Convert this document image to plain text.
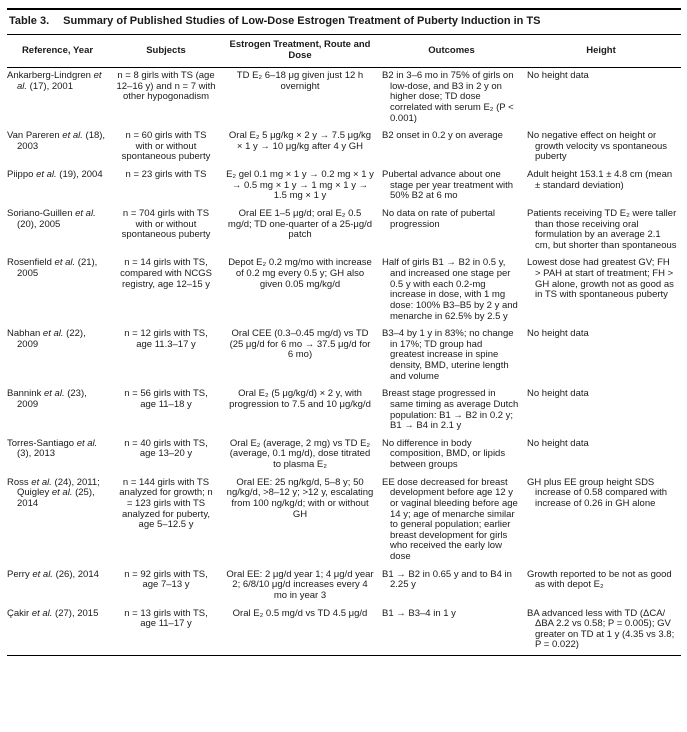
Table 3. Summary of Published Studies of Low-Dose Estrogen Treatment of Puberty Induction in TS
Reference, Year	Subjects	Estrogen Treatment, Route and Dose	Outcomes	Height
Ankarberg-Lindgren et al. (17), 2001	n = 8 girls with TS (age 12–16 y) and n = 7 with other hypogonadism	TD E₂ 6–18 μg given just 12 h overnight	B2 in 3–6 mo in 75% of girls on low-dose, and B3 in 2 y on higher dose; TD dose correlated with serum E₂ (P < 0.001)	No height data
Van Pareren et al. (18), 2003	n = 60 girls with TS with or without spontaneous puberty	Oral E₂ 5 μg/kg × 2 y → 7.5 μg/kg × 1 y → 10 μg/kg after 4 y GH	B2 onset in 0.2 y on average	No negative effect on height or growth velocity vs spontaneous puberty
Piippo et al. (19), 2004	n = 23 girls with TS	E₂ gel 0.1 mg × 1 y → 0.2 mg × 1 y → 0.5 mg × 1 y → 1 mg × 1 y → 1.5 mg × 1 y	Pubertal advance about one stage per year treatment with 50% B2 at 6 mo	Adult height 153.1 ± 4.8 cm (mean ± standard deviation)
Soriano-Guillen et al. (20), 2005	n = 704 girls with TS with or without spontaneous puberty	Oral EE 1–5 μg/d; oral E₂ 0.5 mg/d; TD one-quarter of a 25-μg/d patch	No data on rate of pubertal progression	Patients receiving TD E₂ were taller than those receiving oral formulation by an average 2.1 cm, but shorter than spontaneous
Rosenfield et al. (21), 2005	n = 14 girls with TS, compared with NCGS registry, age 12–15 y	Depot E₂ 0.2 mg/mo with increase of 0.2 mg every 0.5 y; GH also given 0.05 mg/kg/d	Half of girls B1 → B2 in 0.5 y, and increased one stage per 0.5 y with each 0.2-mg increase in dose, with 1 mg dose: 100% B3–B5 by 2 y and menarche in 62.5% by 2.5 y	Lowest dose had greatest GV; FH > PAH at start of treatment; FH > GH alone, growth not as good as in TS with spontaneous puberty
Nabhan et al. (22), 2009	n = 12 girls with TS, age 11.3–17 y	Oral CEE (0.3–0.45 mg/d) vs TD (25 μg/d for 6 mo → 37.5 μg/d for 6 mo)	B3–4 by 1 y in 83%; no change in 17%; TD group had greatest increase in spine density, BMD, uterine length and volume	No height data
Bannink et al. (23), 2009	n = 56 girls with TS, age 11–18 y	Oral E₂ (5 μg/kg/d) × 2 y, with progression to 7.5 and 10 μg/kg/d	Breast stage progressed in same timing as average Dutch population: B1 → B2 in 0.2 y; B1 → B4 in 2.1 y	No height data
Torres-Santiago et al. (3), 2013	n = 40 girls with TS, age 13–20 y	Oral E₂ (average, 2 mg) vs TD E₂ (average, 0.1 mg/d), dose titrated to plasma E₂	No difference in body composition, BMD, or lipids between groups	No height data
Ross et al. (24), 2011; Quigley et al. (25), 2014	n = 144 girls with TS analyzed for growth; n = 123 girls with TS analyzed for puberty, age 5–12.5 y	Oral EE: 25 ng/kg/d, 5–8 y; 50 ng/kg/d, >8–12 y; >12 y, escalating from 100 ng/kg/d; with or without GH	EE dose decreased for breast development before age 12 y or vaginal bleeding before age 14 y; age of menarche similar to general population; earlier breast development for girls who received the early low dose	GH plus EE group height SDS increase of 0.58 compared with increase of 0.26 in GH alone
Perry et al. (26), 2014	n = 92 girls with TS, age 7–13 y	Oral EE: 2 μg/d year 1; 4 μg/d year 2; 6/8/10 μg/d increases every 4 mo in year 3	B1 → B2 in 0.65 y and to B4 in 2.25 y	Growth reported to be not as good as with depot E₂
Çakir et al. (27), 2015	n = 13 girls with TS, age 11–17 y	Oral E₂ 0.5 mg/d vs TD 4.5 μg/d	B1 → B3–4 in 1 y	BA advanced less with TD (ΔCA/ΔBA 2.2 vs 0.58; P = 0.005); GV greater on TD at 1 y (4.35 vs 3.8; P = 0.022)
